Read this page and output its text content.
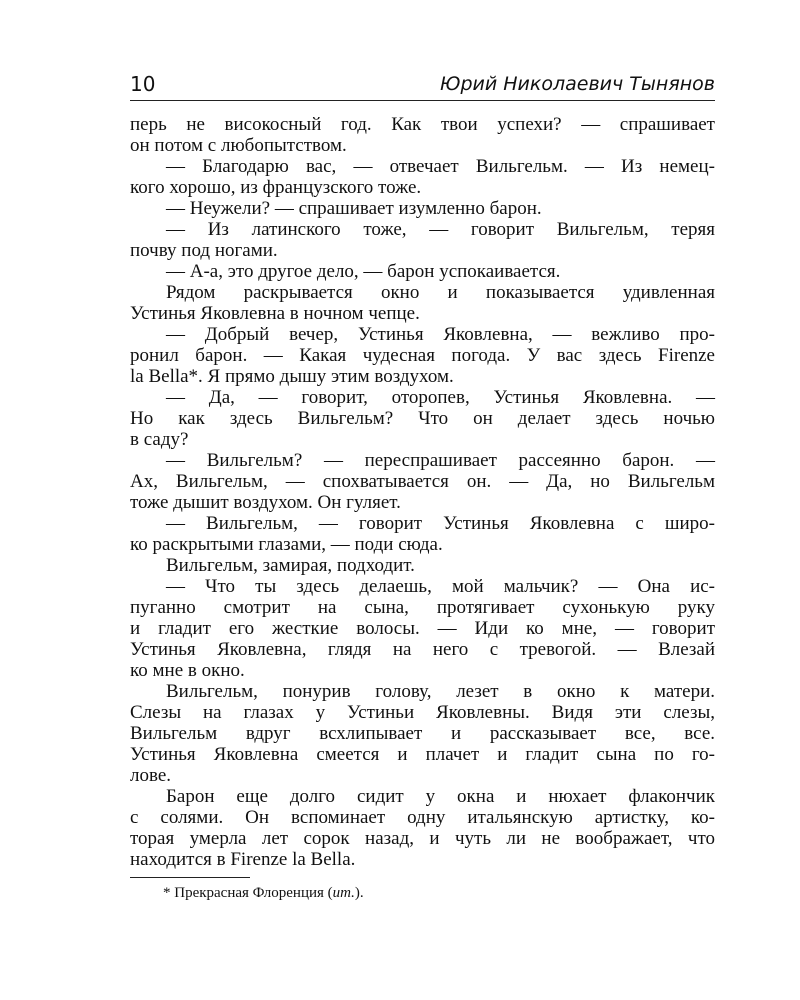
10	Юрий Николаевич Тынянов
перь не високосный год. Как твои успехи? — спрашивает
он потом с любопытством.
— Благодарю вас, — отвечает Вильгельм. — Из немец-
кого хорошо, из французского тоже.
— Неужели? — спрашивает изумленно барон.
— Из латинского тоже, — говорит Вильгельм, теряя
почву под ногами.
— А-а, это другое дело, — барон успокаивается.
Рядом раскрывается окно и показывается удивленная
Устинья Яковлевна в ночном чепце.
— Добрый вечер, Устинья Яковлевна, — вежливо про-
ронил барон. — Какая чудесная погода. У вас здесь Firenze
la Bella*. Я прямо дышу этим воздухом.
— Да, — говорит, оторопев, Устинья Яковлевна. —
Но как здесь Вильгельм? Что он делает здесь ночью
в саду?
— Вильгельм? — переспрашивает рассеянно барон. —
Ах, Вильгельм, — спохватывается он. — Да, но Вильгельм
тоже дышит воздухом. Он гуляет.
— Вильгельм, — говорит Устинья Яковлевна с широ-
ко раскрытыми глазами, — поди сюда.
Вильгельм, замирая, подходит.
— Что ты здесь делаешь, мой мальчик? — Она ис-
пуганно смотрит на сына, протягивает сухонькую руку
и гладит его жесткие волосы. — Иди ко мне, — говорит
Устинья Яковлевна, глядя на него с тревогой. — Влезай
ко мне в окно.
Вильгельм, понурив голову, лезет в окно к матери.
Слезы на глазах у Устиньи Яковлевны. Видя эти слезы,
Вильгельм вдруг всхлипывает и рассказывает все, все.
Устинья Яковлевна смеется и плачет и гладит сына по го-
лове.
Барон еще долго сидит у окна и нюхает флакончик
с солями. Он вспоминает одну итальянскую артистку, ко-
торая умерла лет сорок назад, и чуть ли не воображает, что
находится в Firenze la Bella.
* Прекрасная Флоренция (ит.).
